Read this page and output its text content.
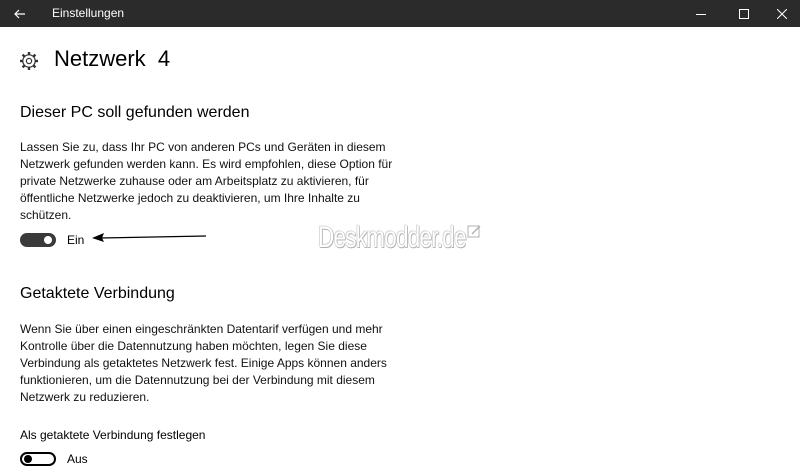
Einstellungen
Netzwerk  4
Dieser PC soll gefunden werden
Lassen Sie zu, dass Ihr PC von anderen PCs und Geräten in diesem Netzwerk gefunden werden kann. Es wird empfohlen, diese Option für private Netzwerke zuhause oder am Arbeitsplatz zu aktivieren, für öffentliche Netzwerke jedoch zu deaktivieren, um Ihre Inhalte zu schützen.
Ein	Deskmodder.de
Getaktete Verbindung
Wenn Sie über einen eingeschränkten Datentarif verfügen und mehr Kontrolle über die Datennutzung haben möchten, legen Sie diese Verbindung als getaktetes Netzwerk fest. Einige Apps können anders funktionieren, um die Datennutzung bei der Verbindung mit diesem Netzwerk zu reduzieren.
Als getaktete Verbindung festlegen
Aus
